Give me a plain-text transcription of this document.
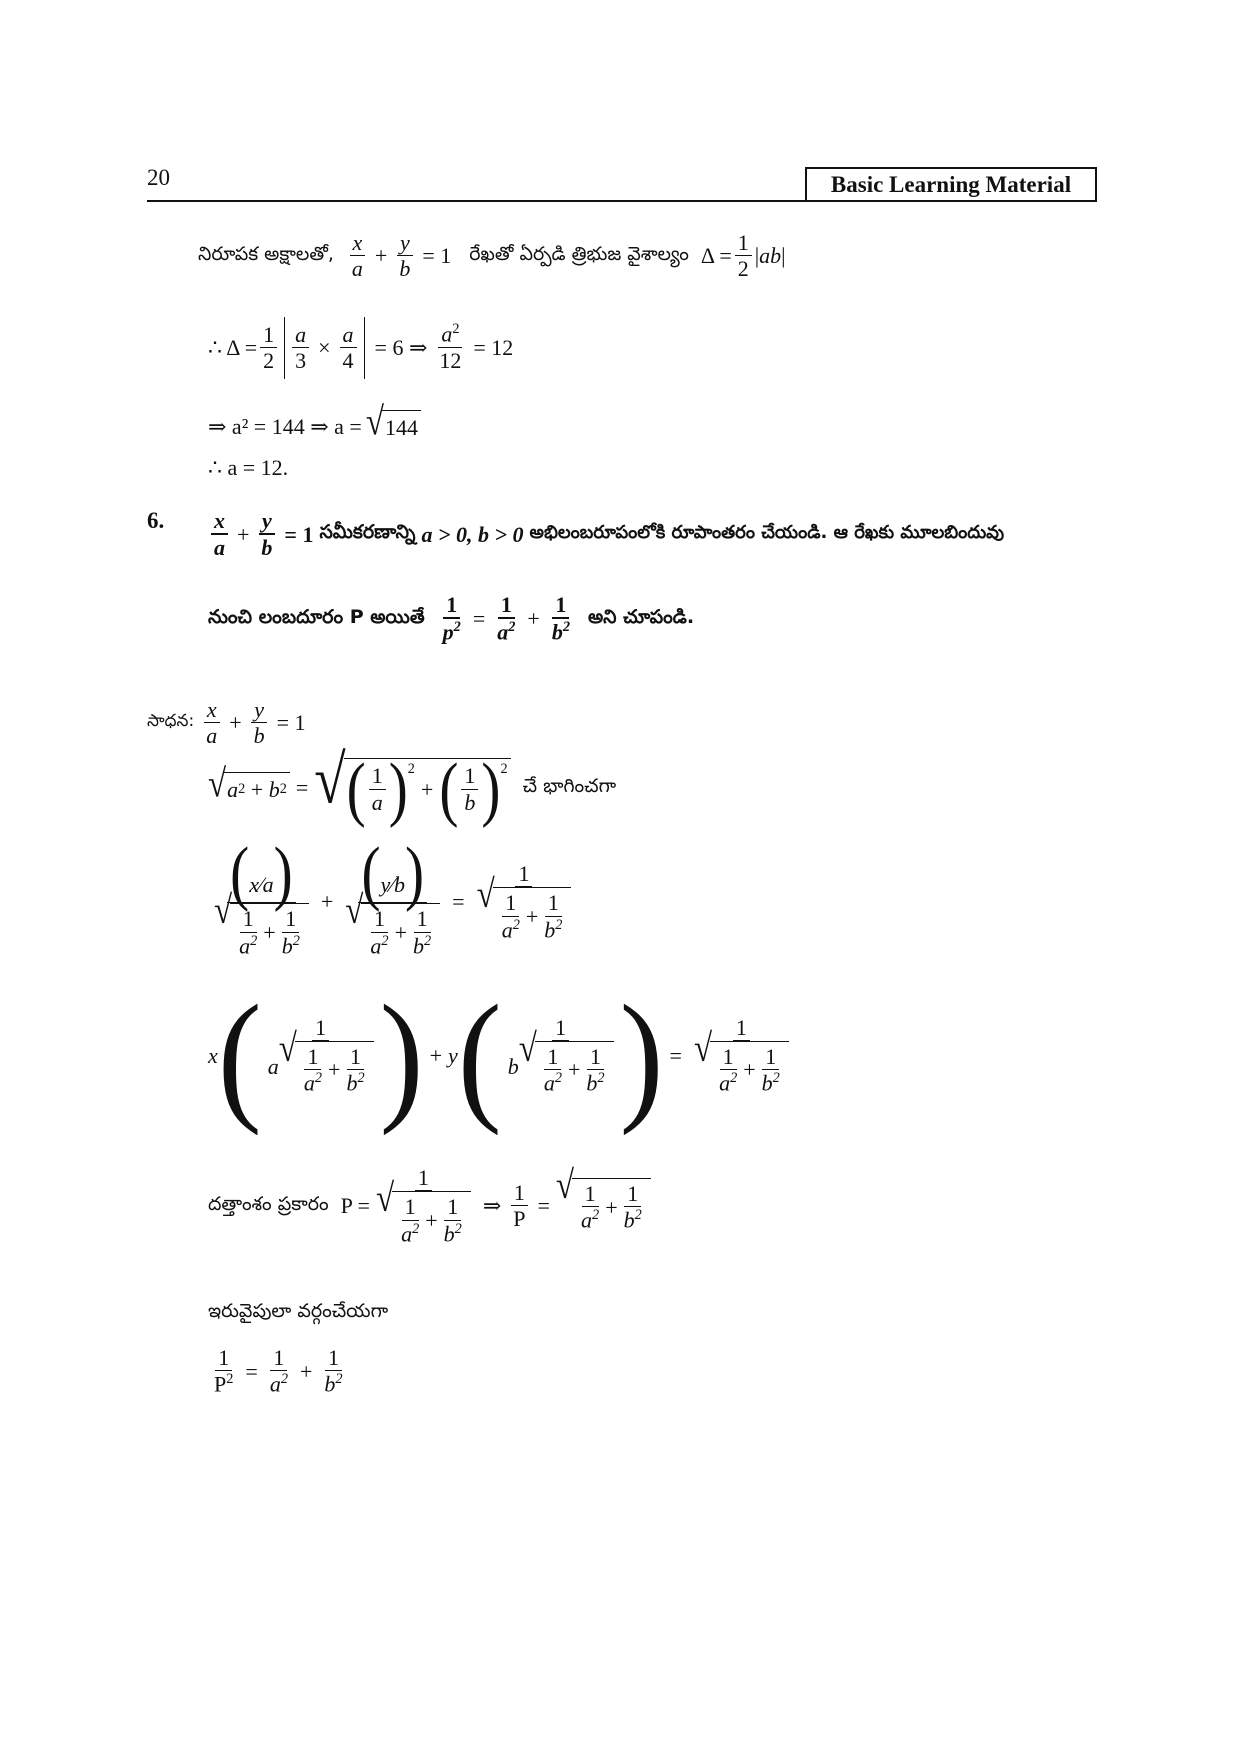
20	Basic Learning Material
నిరూపక అక్షాలతో, $\frac{x}{a} + \frac{y}{b} = 1$ రేఖతో ఏర్పడి త్రిభుజ వైశాల్యం $\Delta = \frac{1}{2} |ab|$
∴ $\Delta = \frac{1}{2} \frac{a}{3} \times \frac{a}{4} = 6$ ⇒ $\frac{a^2}{12} = 12$
⇒ a² = 144 ⇒ a = √ 144
∴ a = 12.
6. $\frac{x}{a} + \frac{y}{b} = 1$ సమీకరణాన్ని a > 0, b > 0 అభిలంబరూపంలోకి రూపాంతరం చేయండి. ఆ రేఖకు మూలబిందువు
నుంచి లంబదూరం P అయితే $\frac{1}{p^2} = \frac{1}{a^2} + \frac{1}{b^2}$ అని చూపండి.
సాధన: $\frac{x}{a} + \frac{y}{b} = 1$
√ a 2 + b 2 = √ ( $\frac{1}{a} )^2$
+ ( $\frac{1}{b} )^2$
చే భాగించగా
$\frac{(x∕a)}{√ \frac{1}{a^2} + \frac{1}{b^2}} + \frac{(y∕b)}{√ \frac{1}{a^2} + \frac{1}{b^2}} = \frac{1}{√ \frac{1}{a^2} + \frac{1}{b^2}}$
x ( $\frac{1}{a √ \frac{1}{a^2} + \frac{1}{b^2}}$ ) + y ( $\frac{1}{b √ \frac{1}{a^2} + \frac{1}{b^2}}$ ) = $\frac{1}{√ \frac{1}{a^2} + \frac{1}{b^2}}$
దత్తాంశం ప్రకారం $P = \frac{1}{√ \frac{1}{a^2} + \frac{1}{b^2}}$ ⇒ $\frac{1}{P}$ = √ $\frac{1}{a^2} + \frac{1}{b^2}$
ఇరువైపులా వర్గంచేయగా
$\frac{1}{P^2} = \frac{1}{a^2} + \frac{1}{b^2}$
